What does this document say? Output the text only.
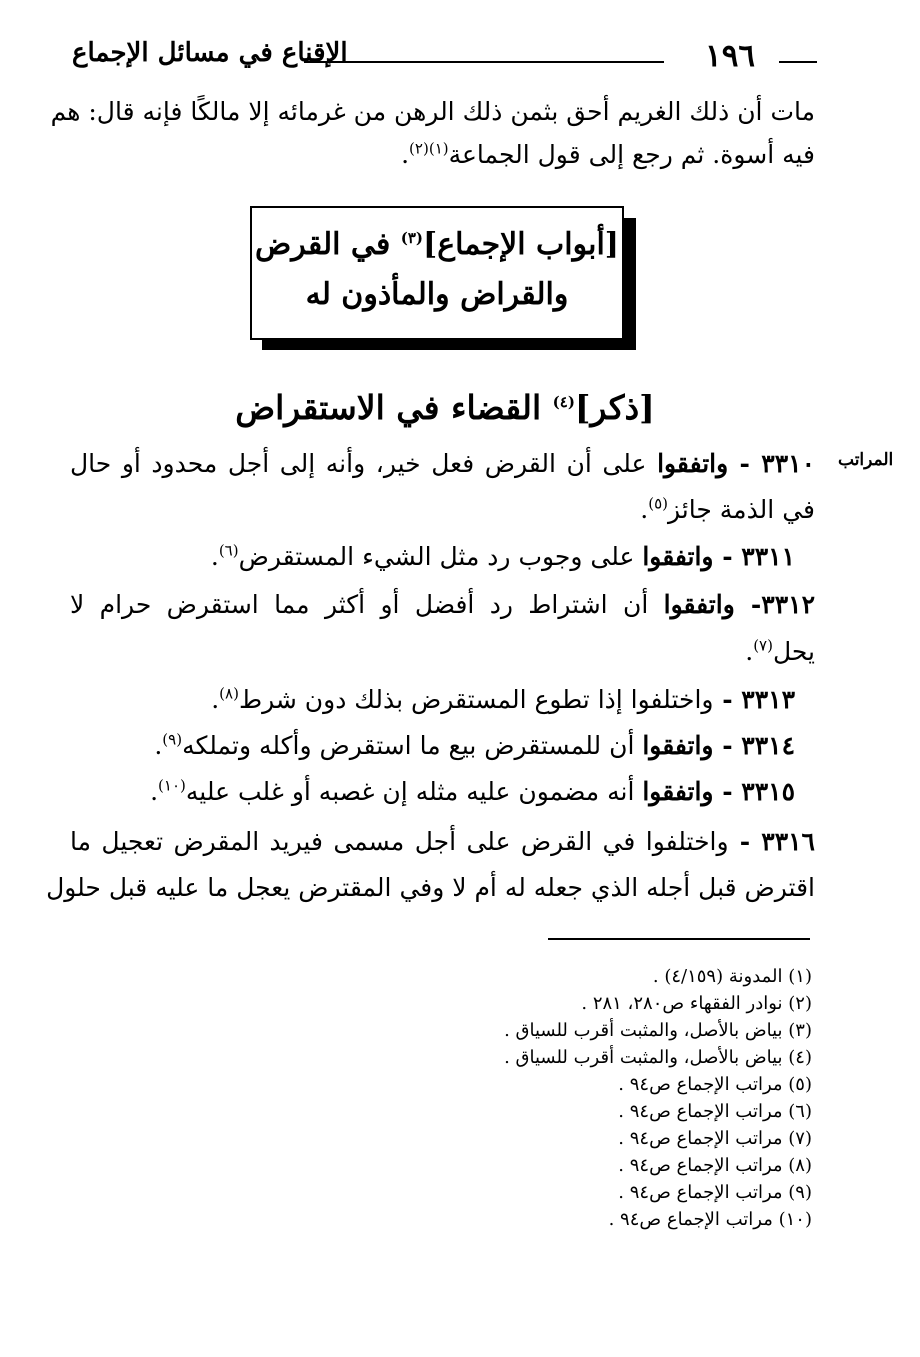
١٩٦
الإقناع في مسائل الإجماع
مات أن ذلك الغريم أحق بثمن ذلك الرهن من غرمائه إلا مالكًا فإنه قال: هم
فيه أسوة. ثم رجع إلى قول الجماعة$^{(١)(٢)}$.
[أبواب الإجماع]$^{(٣)}$ في القرض
والقراض والمأذون له
[ذكر]$^{(٤)}$ القضاء في الاستقراض
المراتب
٣٣١٠ - واتفقوا على أن القرض فعل خير، وأنه إلى أجل محدود أو حال
في الذمة جائز$^{(٥)}$.
٣٣١١ - واتفقوا على وجوب رد مثل الشيء المستقرض$^{(٦)}$.
٣٣١٢- واتفقوا أن اشتراط رد أفضل أو أكثر مما استقرض حرام لا
يحل$^{(٧)}$.
٣٣١٣ - واختلفوا إذا تطوع المستقرض بذلك دون شرط$^{(٨)}$.
٣٣١٤ - واتفقوا أن للمستقرض بيع ما استقرض وأكله وتملكه$^{(٩)}$.
٣٣١٥ - واتفقوا أنه مضمون عليه مثله إن غصبه أو غلب عليه$^{(١٠)}$.
٣٣١٦ - واختلفوا في القرض على أجل مسمى فيريد المقرض تعجيل ما
اقترض قبل أجله الذي جعله له أم لا وفي المقترض يعجل ما عليه قبل حلول
(١) المدونة (٤/١٥٩) .
(٢) نوادر الفقهاء ص٢٨٠، ٢٨١ .
(٣) بياض بالأصل، والمثبت أقرب للسياق .
(٤) بياض بالأصل، والمثبت أقرب للسياق .
(٥) مراتب الإجماع ص٩٤ .
(٦) مراتب الإجماع ص٩٤ .
(٧) مراتب الإجماع ص٩٤ .
(٨) مراتب الإجماع ص٩٤ .
(٩) مراتب الإجماع ص٩٤ .
(١٠) مراتب الإجماع ص٩٤ .
